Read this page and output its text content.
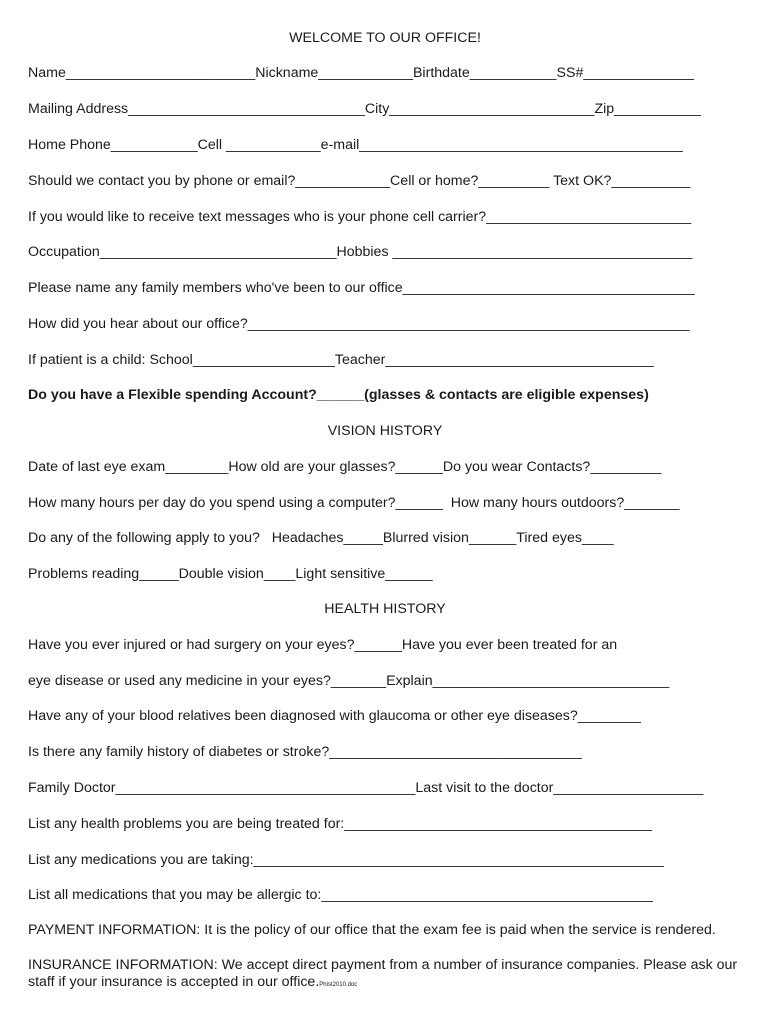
WELCOME TO OUR OFFICE!
Name________________________Nickname____________Birthdate___________SS#______________
Mailing Address______________________________City__________________________Zip___________
Home Phone___________Cell ____________e-mail_________________________________________
Should we contact you by phone or email?____________Cell or home?_________ Text OK?__________
If you would like to receive text messages who is your phone cell carrier?__________________________
Occupation______________________________Hobbies ______________________________________
Please name any family members who've been to our office_____________________________________
How did you hear about our office?________________________________________________________
If patient is a child: School__________________Teacher__________________________________
Do you have a Flexible spending Account?______(glasses & contacts are eligible expenses)
VISION HISTORY
Date of last eye exam________How old are your glasses?______Do you wear Contacts?_________
How many hours per day do you spend using a computer?______  How many hours outdoors?_______
Do any of the following apply to you?   Headaches_____Blurred vision______Tired eyes____
Problems reading_____Double vision____Light sensitive______
HEALTH HISTORY
Have you ever injured or had surgery on your eyes?______Have you ever been treated for an
eye disease or used any medicine in your eyes?_______Explain______________________________
Have any of your blood relatives been diagnosed with glaucoma or other eye diseases?________
Is there any family history of diabetes or stroke?________________________________
Family Doctor______________________________________Last visit to the doctor___________________
List any health problems you are being treated for:_______________________________________
List any medications you are taking:____________________________________________________
List all medications that you may be allergic to:__________________________________________
PAYMENT INFORMATION: It is the policy of our office that the exam fee is paid when the service is rendered.
INSURANCE INFORMATION: We accept direct payment from a number of insurance companies. Please ask our staff if your insurance is accepted in our office.Phist2010.doc
